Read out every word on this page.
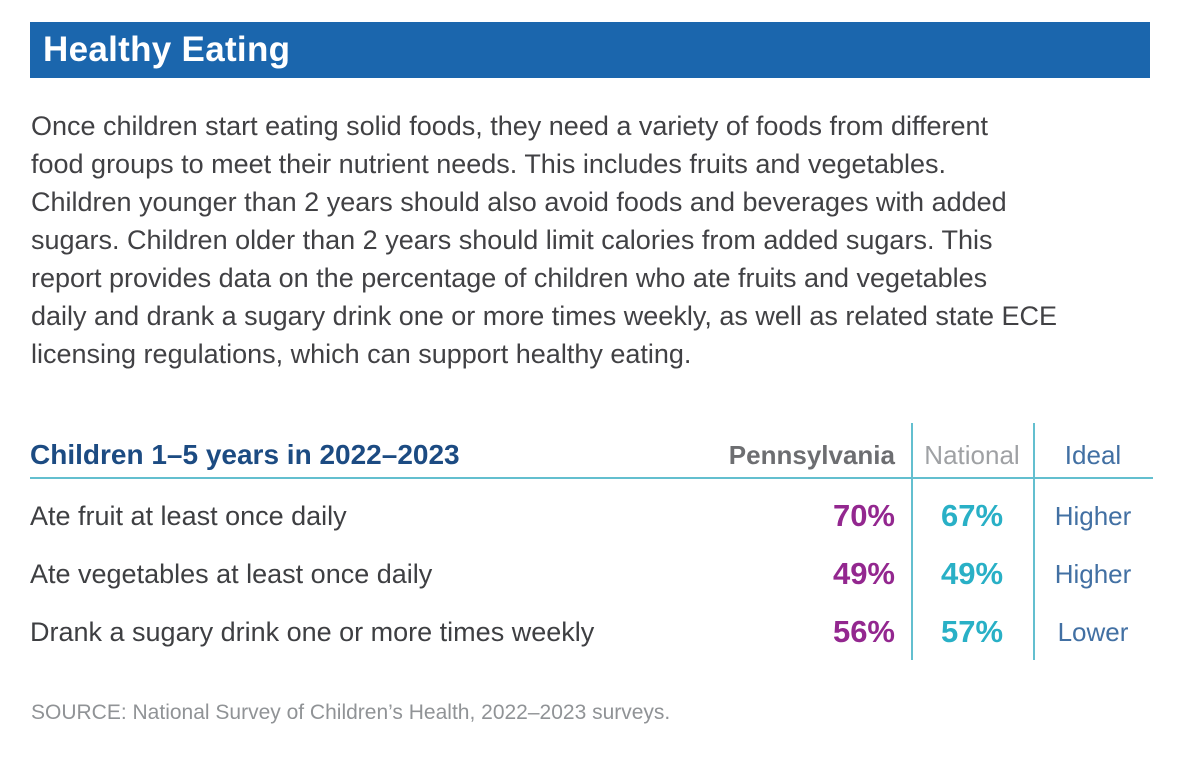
Healthy Eating
Once children start eating solid foods, they need a variety of foods from different
food groups to meet their nutrient needs. This includes fruits and vegetables.
Children younger than 2 years should also avoid foods and beverages with added
sugars. Children older than 2 years should limit calories from added sugars. This
report provides data on the percentage of children who ate fruits and vegetables
daily and drank a sugary drink one or more times weekly, as well as related state ECE
licensing regulations, which can support healthy eating.
Children 1–5 years in 2022–2023	Pennsylvania	National	Ideal
Ate fruit at least once daily	70%	67%	Higher
Ate vegetables at least once daily	49%	49%	Higher
Drank a sugary drink one or more times weekly	56%	57%	Lower
SOURCE: National Survey of Children’s Health, 2022–2023 surveys.
